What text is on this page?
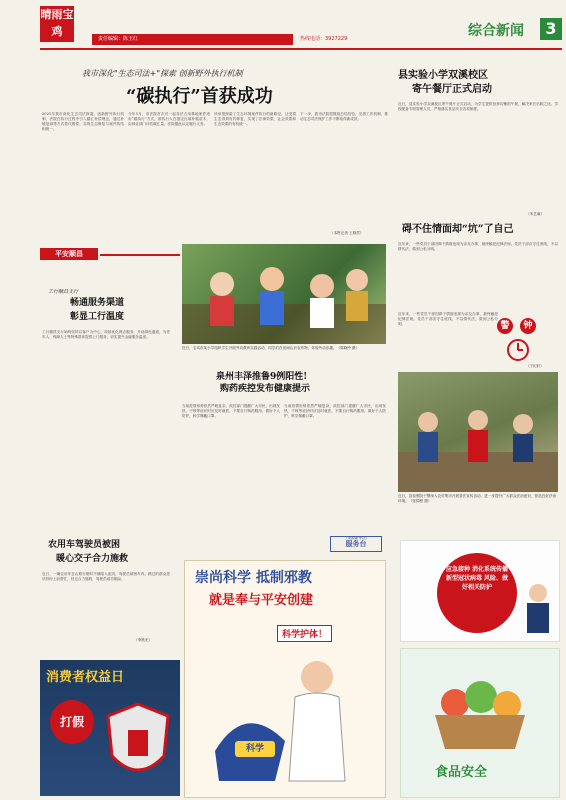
晴雨宝鸡
责任编辑：陈玉红	热线电话：3927229	综合新闻	3
我市深化"生态司法+"探索 创新野外执行机制
“碳执行”首获成功
2021年我市深化生态司法探索，创新野外执行机制，法院在执行过程中引入碳汇补偿理念，通过补植复绿等方式替代赔偿，实现生态修复与案件执结相统一。
今年5月，市法院首次对一起非法占用林地案件适用“碳执行”方式，被执行人在指定区域补植苗木，由林业部门评估碳汇量，法院据此认定履行义务。
该举措探索了生态环境案件执行的新路径，让受损生态得到有效修复，实现了法律效果、社会效果和生态效果的有机统一。
下一步，我市法院将继续总结经验，完善工作机制，推动生态司法保护工作不断取得新成效。
（本报记者 王晓君）
县实验小学双溪校区
寄午餐厅正式启动
近日，县实验小学双溪校区寄午餐厅正式启动，为学生提供营养均衡的午餐，解决家长后顾之忧。学校配备专职管理人员，严格落实食品安全各项制度。
（朱艺麻）
平安顺昌
工行顺昌支行
畅通服务渠道
彰显工行温度
工行顺昌支行始终坚持以客户为中心，持续优化网点服务，开设绿色通道，为老年人、残障人士等特殊群体提供上门服务，切实提升金融服务温度。
近日，宝鸡市某小学组织学生开展劳动教育实践活动，同学们在田间认识农作物，体验劳动乐趣。（陈晓玲 摄）
碍不住情面却“坑”了自己
近年来，一些党员干部因碍于情面违规为亲友办事，最终触犯纪律法规。党员干部应守住底线，不以情代法，做到公私分明。
近年来，一些党员干部因碍于情面违规为亲友办事，最终触犯纪律法规。党员干部应守住底线，不以情代法，做到公私分明。	警	钟
（宁纪轩）
泉州丰泽推鲁9例阳性!
购药疾控发布健康提示
当前疫情形势依然严峻复杂，疾控部门提醒广大市民，出现发热、干咳等症状时应及时就医，不要自行购药服用，做好个人防护，科学佩戴口罩。
当前疫情形势依然严峻复杂，疾控部门提醒广大市民，出现发热、干咳等症状时应及时就医，不要自行购药服用，做好个人防护，科学佩戴口罩。
（来源新华社）
近日，县检察院干警深入农村集市开展普法宣传活动，进一步提升广大群众法治意识，营造良好法治环境。（张锦程 摄）
农用车驾驶员被困
暖心交子合力施救
近日，一辆农用车在山路行驶时不慎陷入泥沟，驾驶员被困车内。路过的群众见状纷纷上前帮忙，经过合力施救，驾驶员成功脱险。
（李晨光）
服务台
消费者权益日
打假
崇尚科学 抵制邪教
就是奉与平安创建
科学护体！
科学
应急接种 消化系统传播 新型冠状病毒 风险、做好相关防护
食品安全
